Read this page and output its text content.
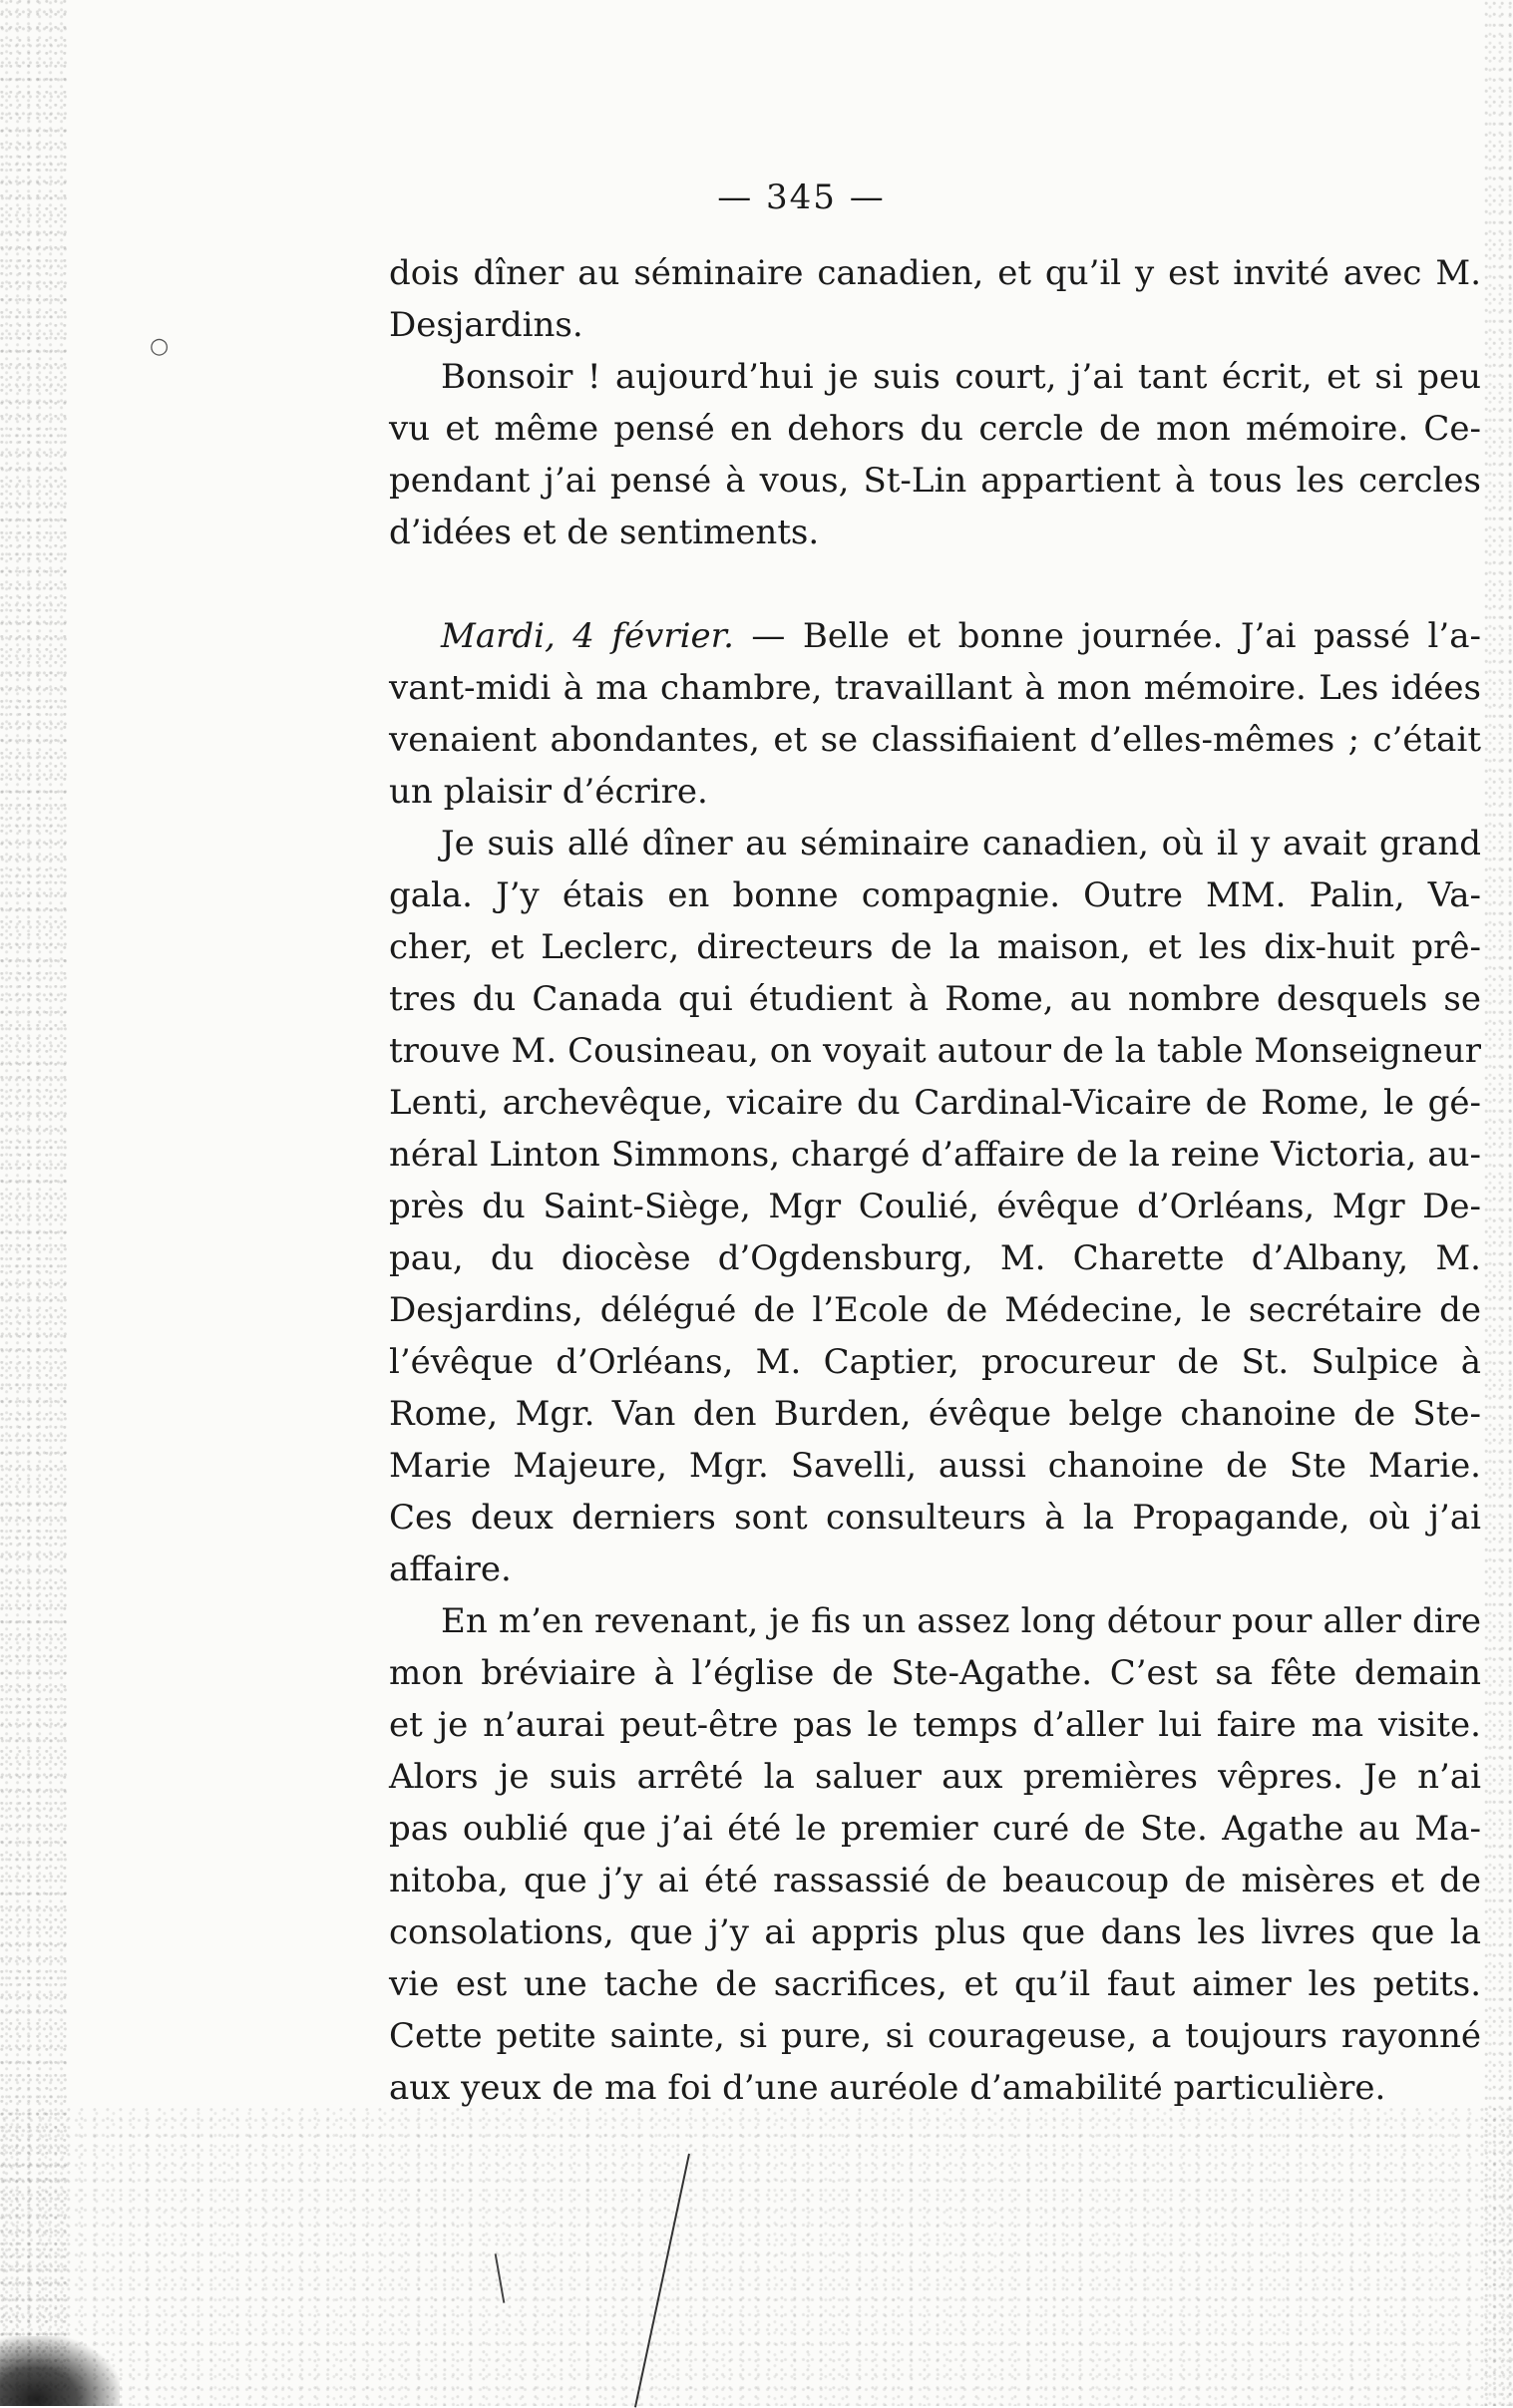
○
— 345 —
dois dîner au séminaire canadien, et qu’il y est invité avec M.
Desjardins.
Bonsoir ! aujourd’hui je suis court, j’ai tant écrit, et si peu
vu et même pensé en dehors du cercle de mon mémoire. Ce-
pendant j’ai pensé à vous, St-Lin appartient à tous les cercles
d’idées et de sentiments.
Mardi, 4 février. — Belle et bonne journée. J’ai passé l’a-
vant-midi à ma chambre, travaillant à mon mémoire. Les idées
venaient abondantes, et se classifiaient d’elles-mêmes ; c’était
un plaisir d’écrire.
Je suis allé dîner au séminaire canadien, où il y avait grand
gala. J’y étais en bonne compagnie. Outre MM. Palin, Va-
cher, et Leclerc, directeurs de la maison, et les dix-huit prê-
tres du Canada qui étudient à Rome, au nombre desquels se
trouve M. Cousineau, on voyait autour de la table Monseigneur
Lenti, archevêque, vicaire du Cardinal-Vicaire de Rome, le gé-
néral Linton Simmons, chargé d’affaire de la reine Victoria, au-
près du Saint-Siège, Mgr Coulié, évêque d’Orléans, Mgr De-
pau, du diocèse d’Ogdensburg, M. Charette d’Albany, M.
Desjardins, délégué de l’Ecole de Médecine, le secrétaire de
l’évêque d’Orléans, M. Captier, procureur de St. Sulpice à
Rome, Mgr. Van den Burden, évêque belge chanoine de Ste-
Marie Majeure, Mgr. Savelli, aussi chanoine de Ste Marie.
Ces deux derniers sont consulteurs à la Propagande, où j’ai
affaire.
En m’en revenant, je fis un assez long détour pour aller dire
mon bréviaire à l’église de Ste-Agathe. C’est sa fête demain
et je n’aurai peut-être pas le temps d’aller lui faire ma visite.
Alors je suis arrêté la saluer aux premières vêpres. Je n’ai
pas oublié que j’ai été le premier curé de Ste. Agathe au Ma-
nitoba, que j’y ai été rassassié de beaucoup de misères et de
consolations, que j’y ai appris plus que dans les livres que la
vie est une tache de sacrifices, et qu’il faut aimer les petits.
Cette petite sainte, si pure, si courageuse, a toujours rayonné
aux yeux de ma foi d’une auréole d’amabilité particulière.
